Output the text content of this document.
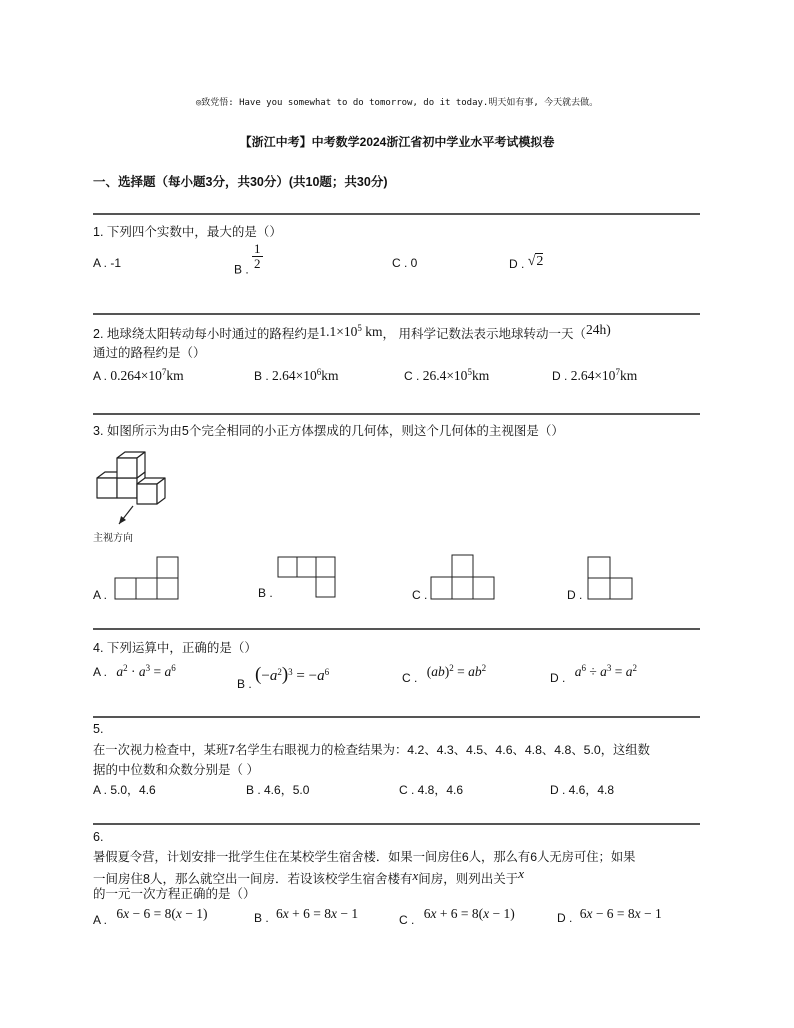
◎致党悟: Have you somewhat to do tomorrow, do it today.明天如有事, 今天就去做。
【浙江中考】中考数学2024浙江省初中学业水平考试模拟卷
一、选择题（每小题3分，共30分）(共10题；共30分)
1. 下列四个实数中，最大的是（）
A . -1	B . $\frac{1}{2}$	C . 0	D . √2
2. 地球绕太阳转动每小时通过的路程约是$1.1\times 10^5$ km， 用科学记数法表示地球转动一天（24h)
通过的路程约是（）
A . $0.264\times 10^7km$	B . $2.64\times 10^6km$	C . $26.4\times 10^5km$	D . $2.64\times 10^7km$
3. 如图所示为由5个完全相同的小正方体摆成的几何体，则这个几何体的主视图是（）
主视方向
A .	B .	C .	D .
4. 下列运算中，正确的是（）
A . $a^2 \cdot a^3 = a^6$
B . $(-a^2)^3 = -a^6$	C . $(ab)^2 = ab^2$
D . $a^6 \div a^3 = a^2$
5.
在一次视力检查中，某班7名学生右眼视力的检查结果为：4.2、4.3、4.5、4.6、4.8、4.8、5.0，这组数
据的中位数和众数分别是（ ）
A . 5.0，4.6	B . 4.6，5.0	C . 4.8，4.6	D . 4.6，4.8
6.
暑假夏令营，计划安排一批学生住在某校学生宿舍楼．如果一间房住6人，那么有6人无房可住；如果
一间房住8人，那么就空出一间房．若设该校学生宿舍楼有x间房，则列出关于x
的一元一次方程正确的是（）
A . 6x − 6 = 8(x − 1)	B . 6x + 6 = 8x − 1	C . 6x + 6 = 8(x − 1)	D . 6x − 6 = 8x − 1
